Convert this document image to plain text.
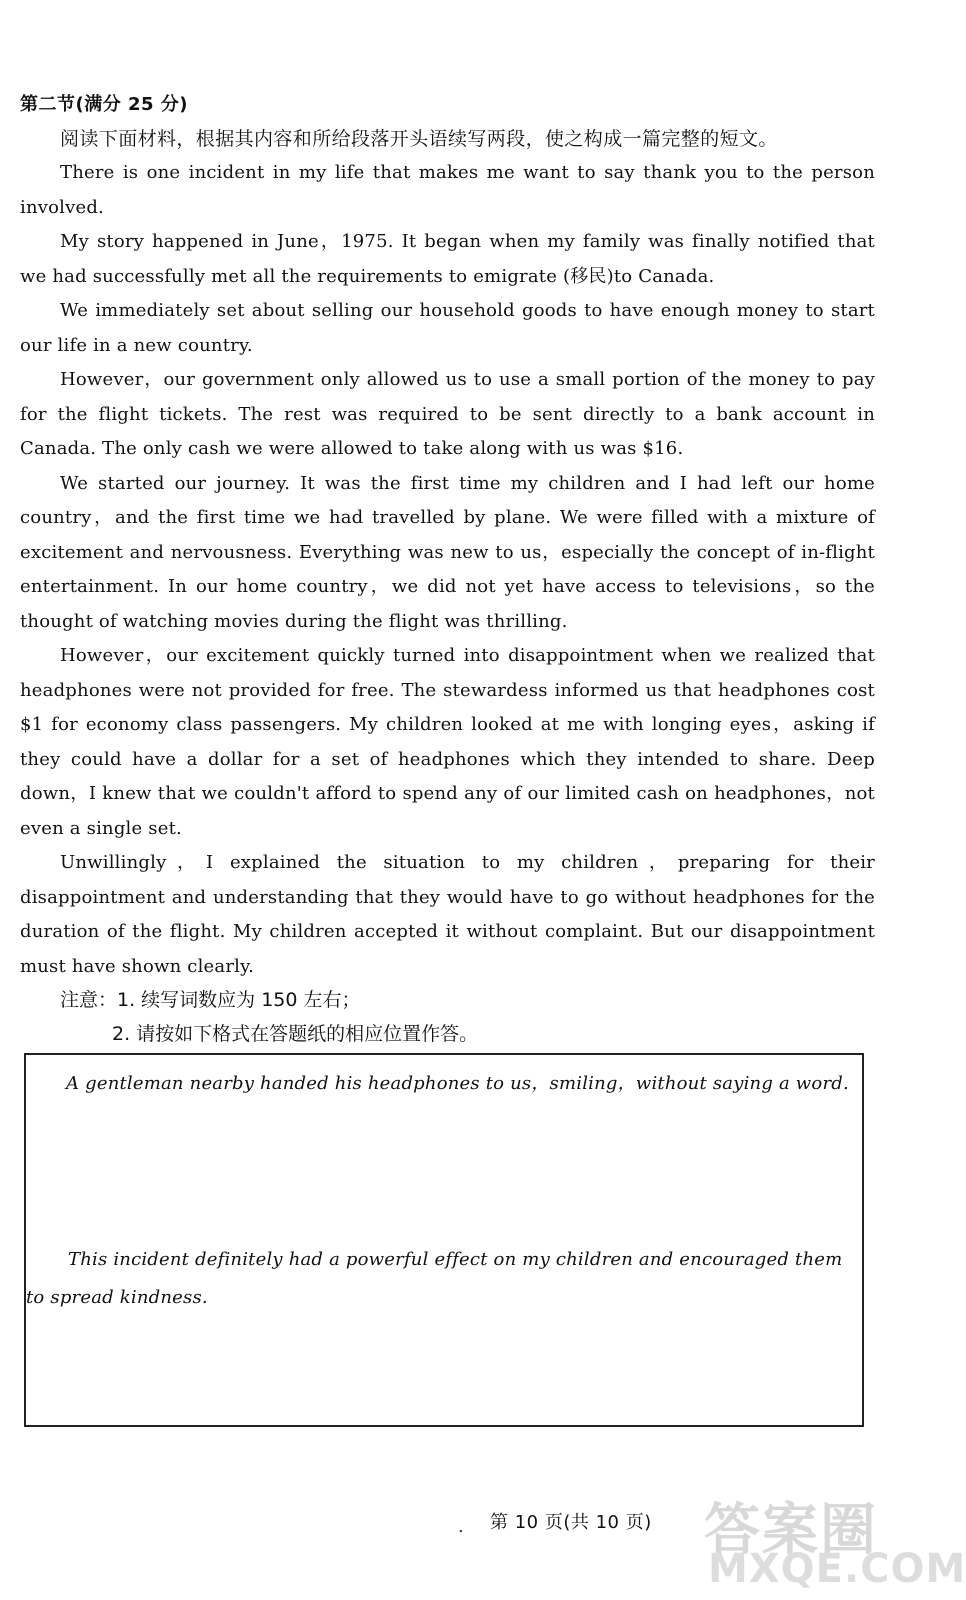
第二节(满分 25 分)
阅读下面材料，根据其内容和所给段落开头语续写两段，使之构成一篇完整的短文。

There is one incident in my life that makes me want to say thank you to the person involved.

My story happened in June，1975. It began when my family was finally notified that we had successfully met all the requirements to emigrate (移民)to Canada.

We immediately set about selling our household goods to have enough money to start our life in a new country.

However，our government only allowed us to use a small portion of the money to pay for the flight tickets. The rest was required to be sent directly to a bank account in Canada. The only cash we were allowed to take along with us was $16.

We started our journey. It was the first time my children and I had left our home country，and the first time we had travelled by plane. We were filled with a mixture of excitement and nervousness. Everything was new to us，especially the concept of in-flight entertainment. In our home country，we did not yet have access to televisions，so the thought of watching movies during the flight was thrilling.

However，our excitement quickly turned into disappointment when we realized that headphones were not provided for free. The stewardess informed us that headphones cost $1 for economy class passengers. My children looked at me with longing eyes，asking if they could have a dollar for a set of headphones which they intended to share. Deep down，I knew that we couldn't afford to spend any of our limited cash on headphones，not even a single set.

Unwillingly，I explained the situation to my children，preparing for their disappointment and understanding that they would have to go without headphones for the duration of the flight. My children accepted it without complaint. But our disappointment must have shown clearly.

注意：1. 续写词数应为 150 左右；
2. 请按如下格式在答题纸的相应位置作答。
A gentleman nearby handed his headphones to us，smiling，without saying a word.
This incident definitely had a powerful effect on my children and encouraged them to spread kindness.
. 第 10 页(共 10 页) 答案圈
MXQE.COM
